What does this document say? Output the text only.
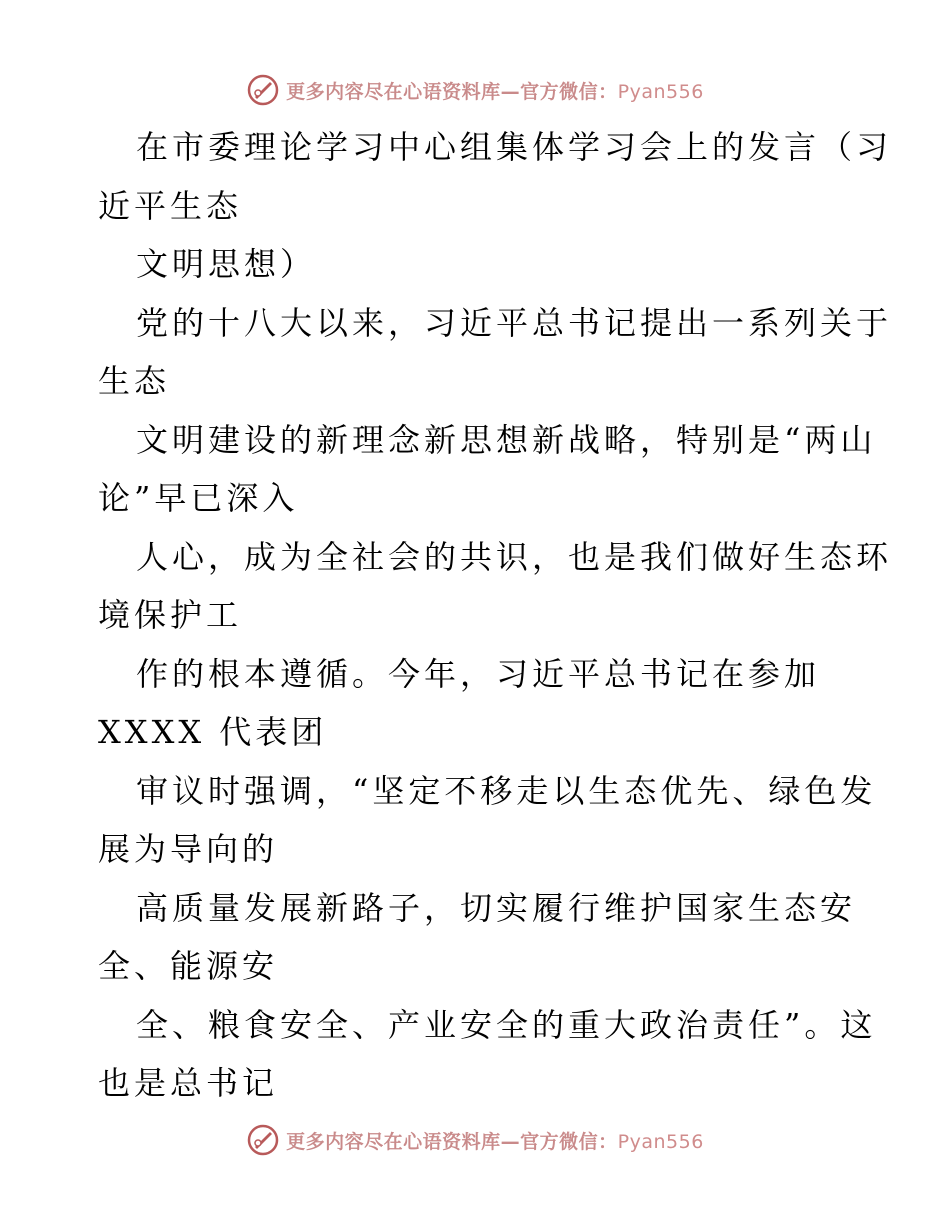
更多内容尽在心语资料库—官方微信：Pyan556
在市委理论学习中心组集体学习会上的发言（习
近平生态
文明思想）
党的十八大以来，习近平总书记提出一系列关于
生态
文明建设的新理念新思想新战略，特别是“两山
论”早已深入
人心，成为全社会的共识，也是我们做好生态环
境保护工
作的根本遵循。今年，习近平总书记在参加
XXXX 代表团
审议时强调，“坚定不移走以生态优先、绿色发
展为导向的
高质量发展新路子，切实履行维护国家生态安
全、能源安
全、粮食安全、产业安全的重大政治责任”。这
也是总书记
更多内容尽在心语资料库—官方微信：Pyan556
